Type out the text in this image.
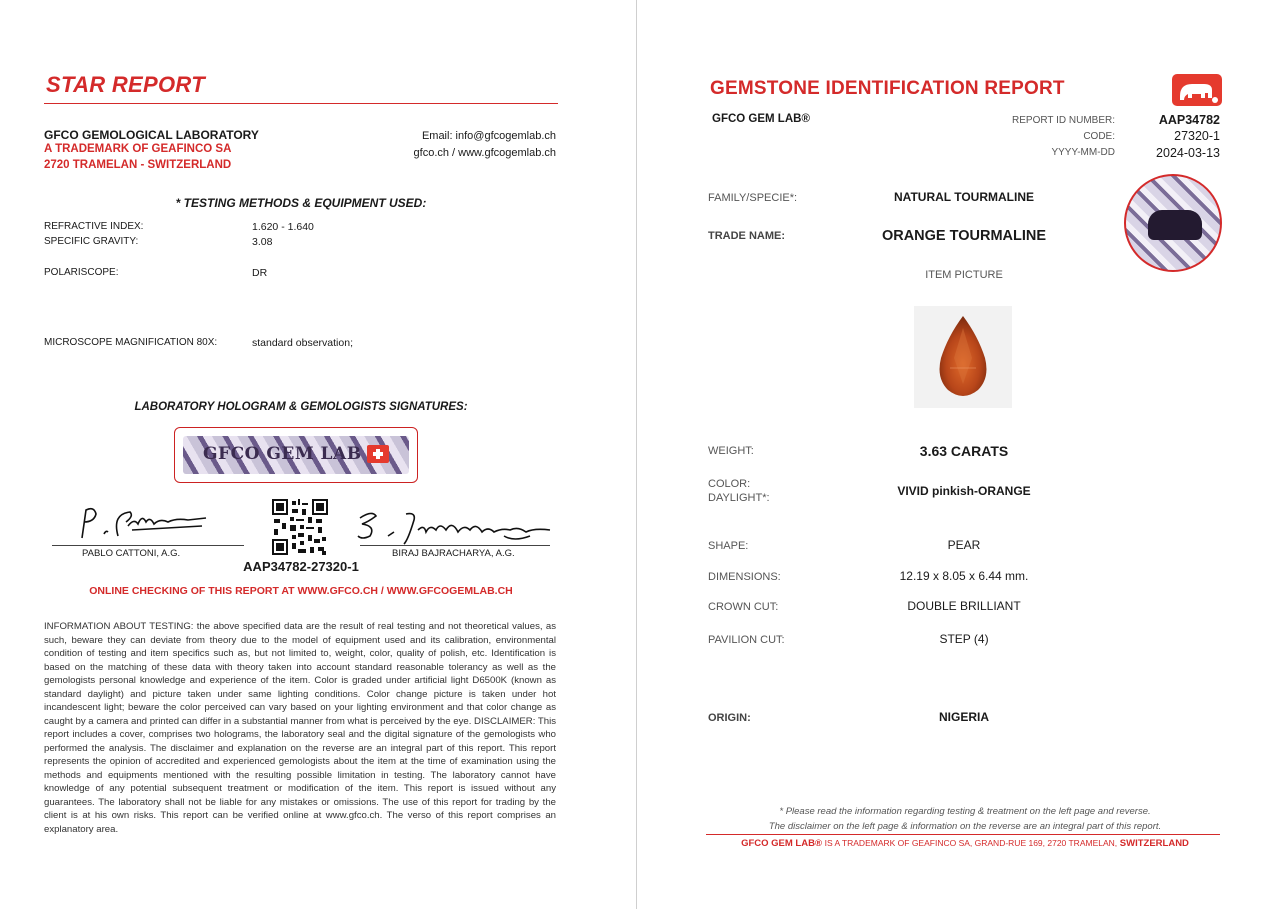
STAR REPORT
GFCO GEMOLOGICAL LABORATORY
A TRADEMARK OF GEAFINCO SA
2720 TRAMELAN - SWITZERLAND
Email: info@gfcogemlab.ch
gfco.ch / www.gfcogemlab.ch
* TESTING METHODS & EQUIPMENT USED:
REFRACTIVE INDEX:	1.620 - 1.640
SPECIFIC GRAVITY:	3.08
POLARISCOPE:	DR
MICROSCOPE MAGNIFICATION 80X:	standard observation;
LABORATORY HOLOGRAM & GEMOLOGISTS SIGNATURES:
GFCO GEM LAB
PABLO CATTONI, A.G.	BIRAJ BAJRACHARYA, A.G.
AAP34782-27320-1
ONLINE CHECKING OF THIS REPORT AT WWW.GFCO.CH / WWW.GFCOGEMLAB.CH
INFORMATION ABOUT TESTING: the above specified data are the result of real testing and not theoretical values, as such, beware they can deviate from theory due to the model of equipment used and its calibration, environmental condition of testing and item specifics such as, but not limited to, weight, color, quality of polish, etc. Identification is based on the matching of these data with theory taken into account standard reasonable tolerancy as well as the gemologists personal knowledge and experience of the item. Color is graded under artificial light D6500K (known as standard daylight) and picture taken under same lighting conditions. Color change picture is taken under hot incandescent light; beware the color perceived can vary based on your lighting environment and that color change as caught by a camera and printed can differ in a substantial manner from what is perceived by the eye. DISCLAIMER: This report includes a cover, comprises two holograms, the laboratory seal and the digital signature of the gemologists who performed the analysis. The disclaimer and explanation on the reverse are an integral part of this report. This report represents the opinion of accredited and experienced gemologists about the item at the time of examination using the methods and equipments mentioned with the resulting possible limitation in testing. The laboratory cannot have knowledge of any potential subsequent treatment or modification of the item. This report is issued without any guarantees. The laboratory shall not be liable for any mistakes or omissions. The use of this report for trading by the client is at his own risks. This report can be verified online at www.gfco.ch. The verso of this report comprises an explanatory area.
GEMSTONE IDENTIFICATION REPORT
GFCO GEM LAB®	REPORT ID NUMBER:	AAP34782
CODE:	27320-1
YYYY-MM-DD	2024-03-13
FAMILY/SPECIE*:	NATURAL TOURMALINE
TRADE NAME:	ORANGE TOURMALINE
ITEM PICTURE
WEIGHT:	3.63 CARATS
COLOR:
DAYLIGHT*:	VIVID pinkish-ORANGE
SHAPE:	PEAR
DIMENSIONS:	12.19 x 8.05 x 6.44 mm.
CROWN CUT:	DOUBLE BRILLIANT
PAVILION CUT:	STEP (4)
ORIGIN:	NIGERIA
* Please read the information regarding testing & treatment on the left page and reverse.
The disclaimer on the left page & information on the reverse are an integral part of this report.
GFCO GEM LAB® IS A TRADEMARK OF GEAFINCO SA, GRAND-RUE 169, 2720 TRAMELAN, SWITZERLAND
